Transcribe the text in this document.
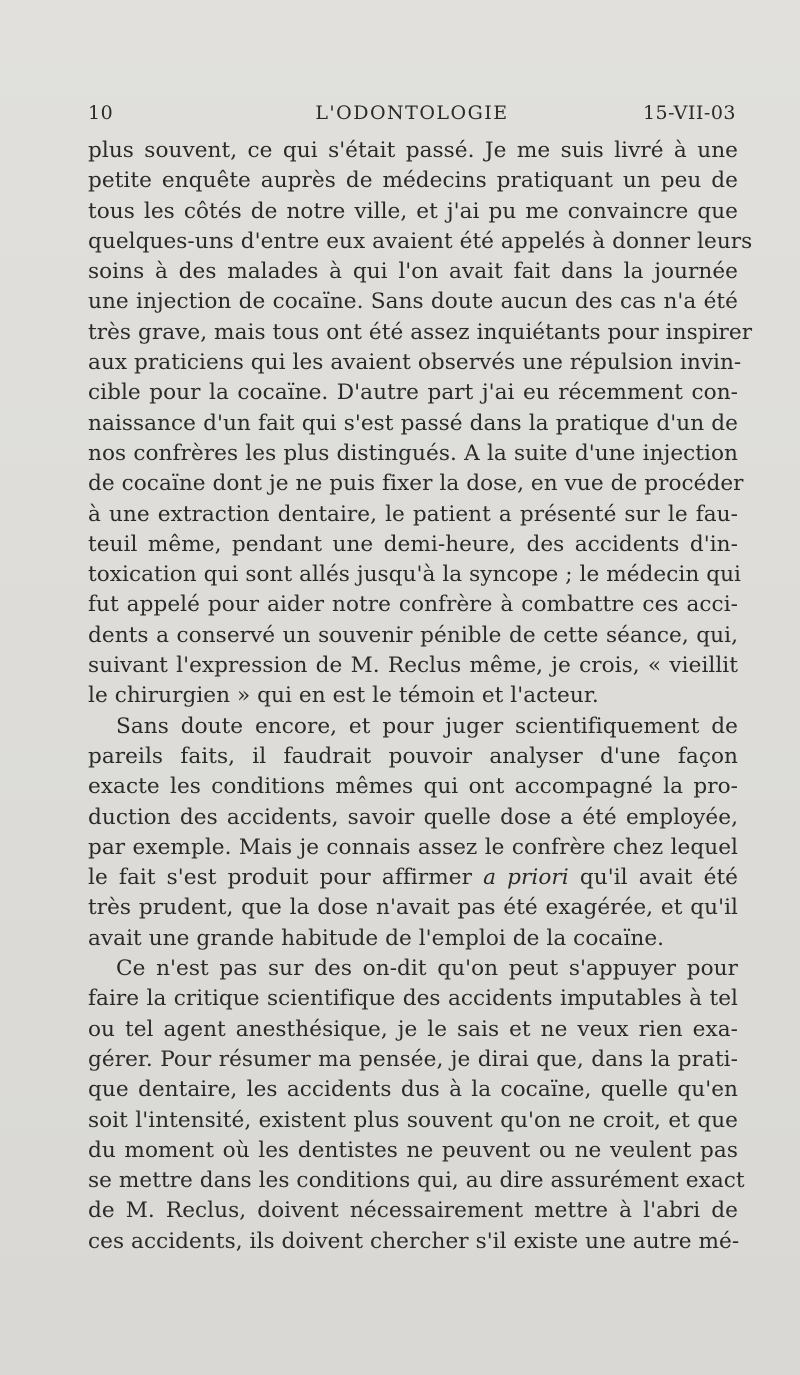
10	L'ODONTOLOGIE	15-VII-03
plus souvent, ce qui s'était passé. Je me suis livré à une
petite enquête auprès de médecins pratiquant un peu de
tous les côtés de notre ville, et j'ai pu me convaincre que
quelques-uns d'entre eux avaient été appelés à donner leurs
soins à des malades à qui l'on avait fait dans la journée
une injection de cocaïne. Sans doute aucun des cas n'a été
très grave, mais tous ont été assez inquiétants pour inspirer
aux praticiens qui les avaient observés une répulsion invin-
cible pour la cocaïne. D'autre part j'ai eu récemment con-
naissance d'un fait qui s'est passé dans la pratique d'un de
nos confrères les plus distingués. A la suite d'une injection
de cocaïne dont je ne puis fixer la dose, en vue de procéder
à une extraction dentaire, le patient a présenté sur le fau-
teuil même, pendant une demi-heure, des accidents d'in-
toxication qui sont allés jusqu'à la syncope ; le médecin qui
fut appelé pour aider notre confrère à combattre ces acci-
dents a conservé un souvenir pénible de cette séance, qui,
suivant l'expression de M. Reclus même, je crois, « vieillit
le chirurgien » qui en est le témoin et l'acteur.
Sans doute encore, et pour juger scientifiquement de
pareils faits, il faudrait pouvoir analyser d'une façon
exacte les conditions mêmes qui ont accompagné la pro-
duction des accidents, savoir quelle dose a été employée,
par exemple. Mais je connais assez le confrère chez lequel
le fait s'est produit pour affirmer a priori qu'il avait été
très prudent, que la dose n'avait pas été exagérée, et qu'il
avait une grande habitude de l'emploi de la cocaïne.
Ce n'est pas sur des on-dit qu'on peut s'appuyer pour
faire la critique scientifique des accidents imputables à tel
ou tel agent anesthésique, je le sais et ne veux rien exa-
gérer. Pour résumer ma pensée, je dirai que, dans la prati-
que dentaire, les accidents dus à la cocaïne, quelle qu'en
soit l'intensité, existent plus souvent qu'on ne croit, et que
du moment où les dentistes ne peuvent ou ne veulent pas
se mettre dans les conditions qui, au dire assurément exact
de M. Reclus, doivent nécessairement mettre à l'abri de
ces accidents, ils doivent chercher s'il existe une autre mé-
